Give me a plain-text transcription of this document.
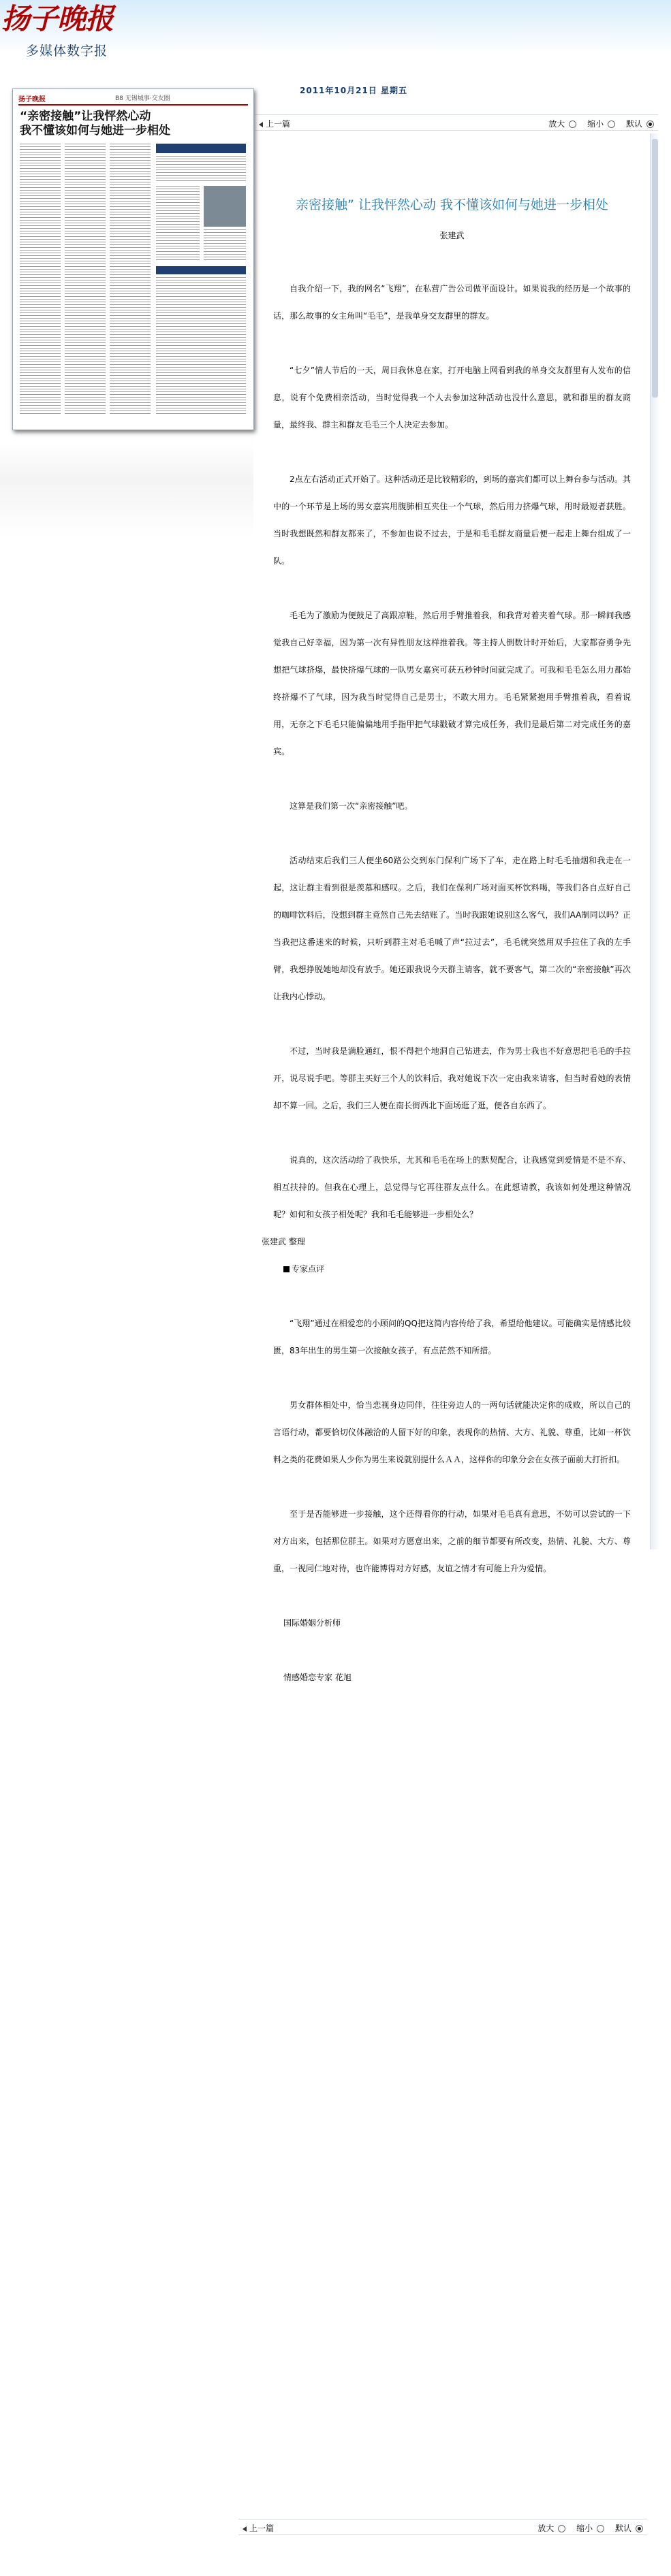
扬子晚报
多媒体数字报
2011年10月21日 星期五
上一篇	放大	缩小	默认
扬子晚报	B8 无锡城事·交友圈
“亲密接触”让我怦然心动
我不懂该如何与她进一步相处
亲密接触” 让我怦然心动 我不懂该如何与她进一步相处
张建武
自我介绍一下，我的网名“飞翔”，在私营广告公司做平面设计。如果说我的经历是一个故事的话，那么故事的女主角叫“毛毛”，是我单身交友群里的群友。
“七夕”情人节后的一天，周日我休息在家，打开电脑上网看到我的单身交友群里有人发布的信息，说有个免费相亲活动，当时觉得我一个人去参加这种活动也没什么意思，就和群里的群友商量，最终我、群主和群友毛毛三个人决定去参加。
2点左右活动正式开始了。这种活动还是比较精彩的，到场的嘉宾们都可以上舞台参与活动。其中的一个环节是上场的男女嘉宾用腹肺相互夹住一个气球，然后用力挤爆气球，用时最短者获胜。当时我想既然和群友都来了，不参加也说不过去，于是和毛毛群友商量后便一起走上舞台组成了一队。
毛毛为了激励为便鼓足了高跟凉鞋，然后用手臂推着我，和我背对着夹着气球。那一瞬间我感觉我自己好幸福，因为第一次有异性朋友这样推着我。等主持人倒数计时开始后，大家都奋勇争先想把气球挤爆，最快挤爆气球的一队男女嘉宾可获五秒钟时间就完成了。可我和毛毛怎么用力都始终挤爆不了气球，因为我当时觉得自己是男士，不敢大用力。毛毛紧紧抱用手臂推着我，看着说用，无奈之下毛毛只能偏偏地用手指甲把气球戳破才算完成任务，我们是最后第二对完成任务的嘉宾。
这算是我们第一次“亲密接触”吧。
活动结束后我们三人便坐60路公交到东门保利广场下了车，走在路上时毛毛抽烟和我走在一起，这让群主看到很是羡慕和感叹。之后，我们在保利广场对面买杯饮料喝，等我们各自点好自己的咖啡饮料后，没想到群主竟然自己先去结账了。当时我跟她说别这么客气，我们AA制同以吗？正当我把这番迷来的时候，只听到群主对毛毛喊了声“拉过去”，毛毛就突然用双手拉住了我的左手臂，我想挣脱她地却没有放手。她还跟我说今天群主请客，就不要客气，第二次的“亲密接触”再次让我内心悸动。
不过，当时我是满脸通红，恨不得把个地洞自己钻进去，作为男士我也不好意思把毛毛的手拉开，说尽说手吧。等群主买好三个人的饮料后，我对她说下次一定由我来请客，但当时看她的表情却不算一回。之后，我们三人便在南长街西北下面场逛了逛，便各自东西了。
说真的，这次活动给了我快乐，尤其和毛毛在场上的默契配合，让我感觉到爱情是不是不弃、相互扶持的。但我在心理上，总觉得与它再往群友点什么。在此想请教，我该如何处理这种情况呢？如何和女孩子相处呢？我和毛毛能够进一步相处么？
张建武 整理
专家点评
“飞翔”通过在相爱恋的小顾问的QQ把这简内容传给了我，希望给他建议。可能确实是情感比较匮，83年出生的男生第一次接触女孩子，有点茫然不知所措。
男女群体相处中，恰当恋视身边同伴，往往旁边人的一两句话就能决定你的成败，所以自己的言语行动，都要恰切仪体融洽的人留下好的印象，表现你的热情、大方、礼貌、尊重，比如一杯饮料之类的花费如果人少你为男生来说就别提什么ＡＡ，这样你的印象分会在女孩子面前大打折扣。
至于是否能够进一步接触，这个还得看你的行动，如果对毛毛真有意思，不妨可以尝试的一下对方出来，包括那位群主。如果对方愿意出来，之前的细节都要有所改变，热情、礼貌、大方、尊重，一视同仁地对待，也许能博得对方好感，友谊之情才有可能上升为爱情。
国际婚姻分析师
情感婚恋专家 花旭
上一篇	放大	缩小	默认
